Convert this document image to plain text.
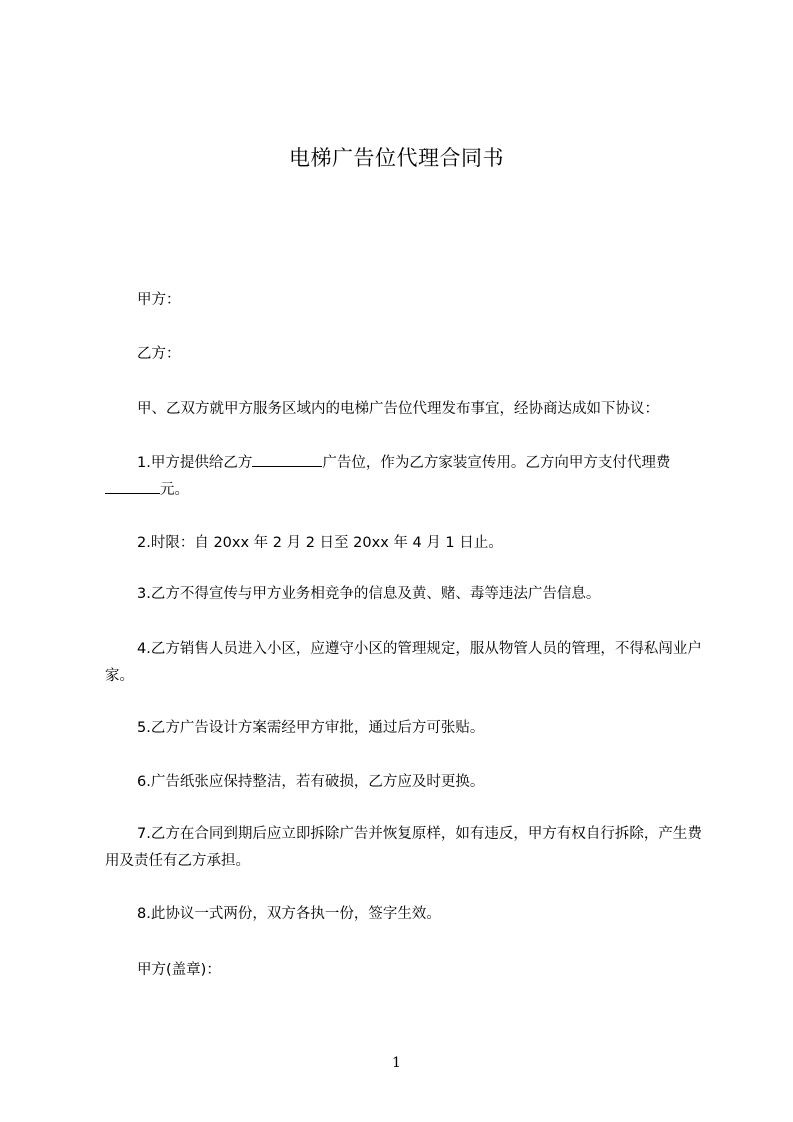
电梯广告位代理合同书
甲方：
乙方：
甲、乙双方就甲方服务区域内的电梯广告位代理发布事宜，经协商达成如下协议：
1.甲方提供给乙方	广告位，作为乙方家装宣传用。乙方向甲方支付代理费元。
2.时限：自 20xx 年 2 月 2 日至 20xx 年 4 月 1 日止。
3.乙方不得宣传与甲方业务相竞争的信息及黄、赌、毒等违法广告信息。
4.乙方销售人员进入小区，应遵守小区的管理规定，服从物管人员的管理，不得私闯业户家。
5.乙方广告设计方案需经甲方审批，通过后方可张贴。
6.广告纸张应保持整洁，若有破损，乙方应及时更换。
7.乙方在合同到期后应立即拆除广告并恢复原样，如有违反，甲方有权自行拆除，产生费用及责任有乙方承担。
8.此协议一式两份，双方各执一份，签字生效。
甲方(盖章)：
1
